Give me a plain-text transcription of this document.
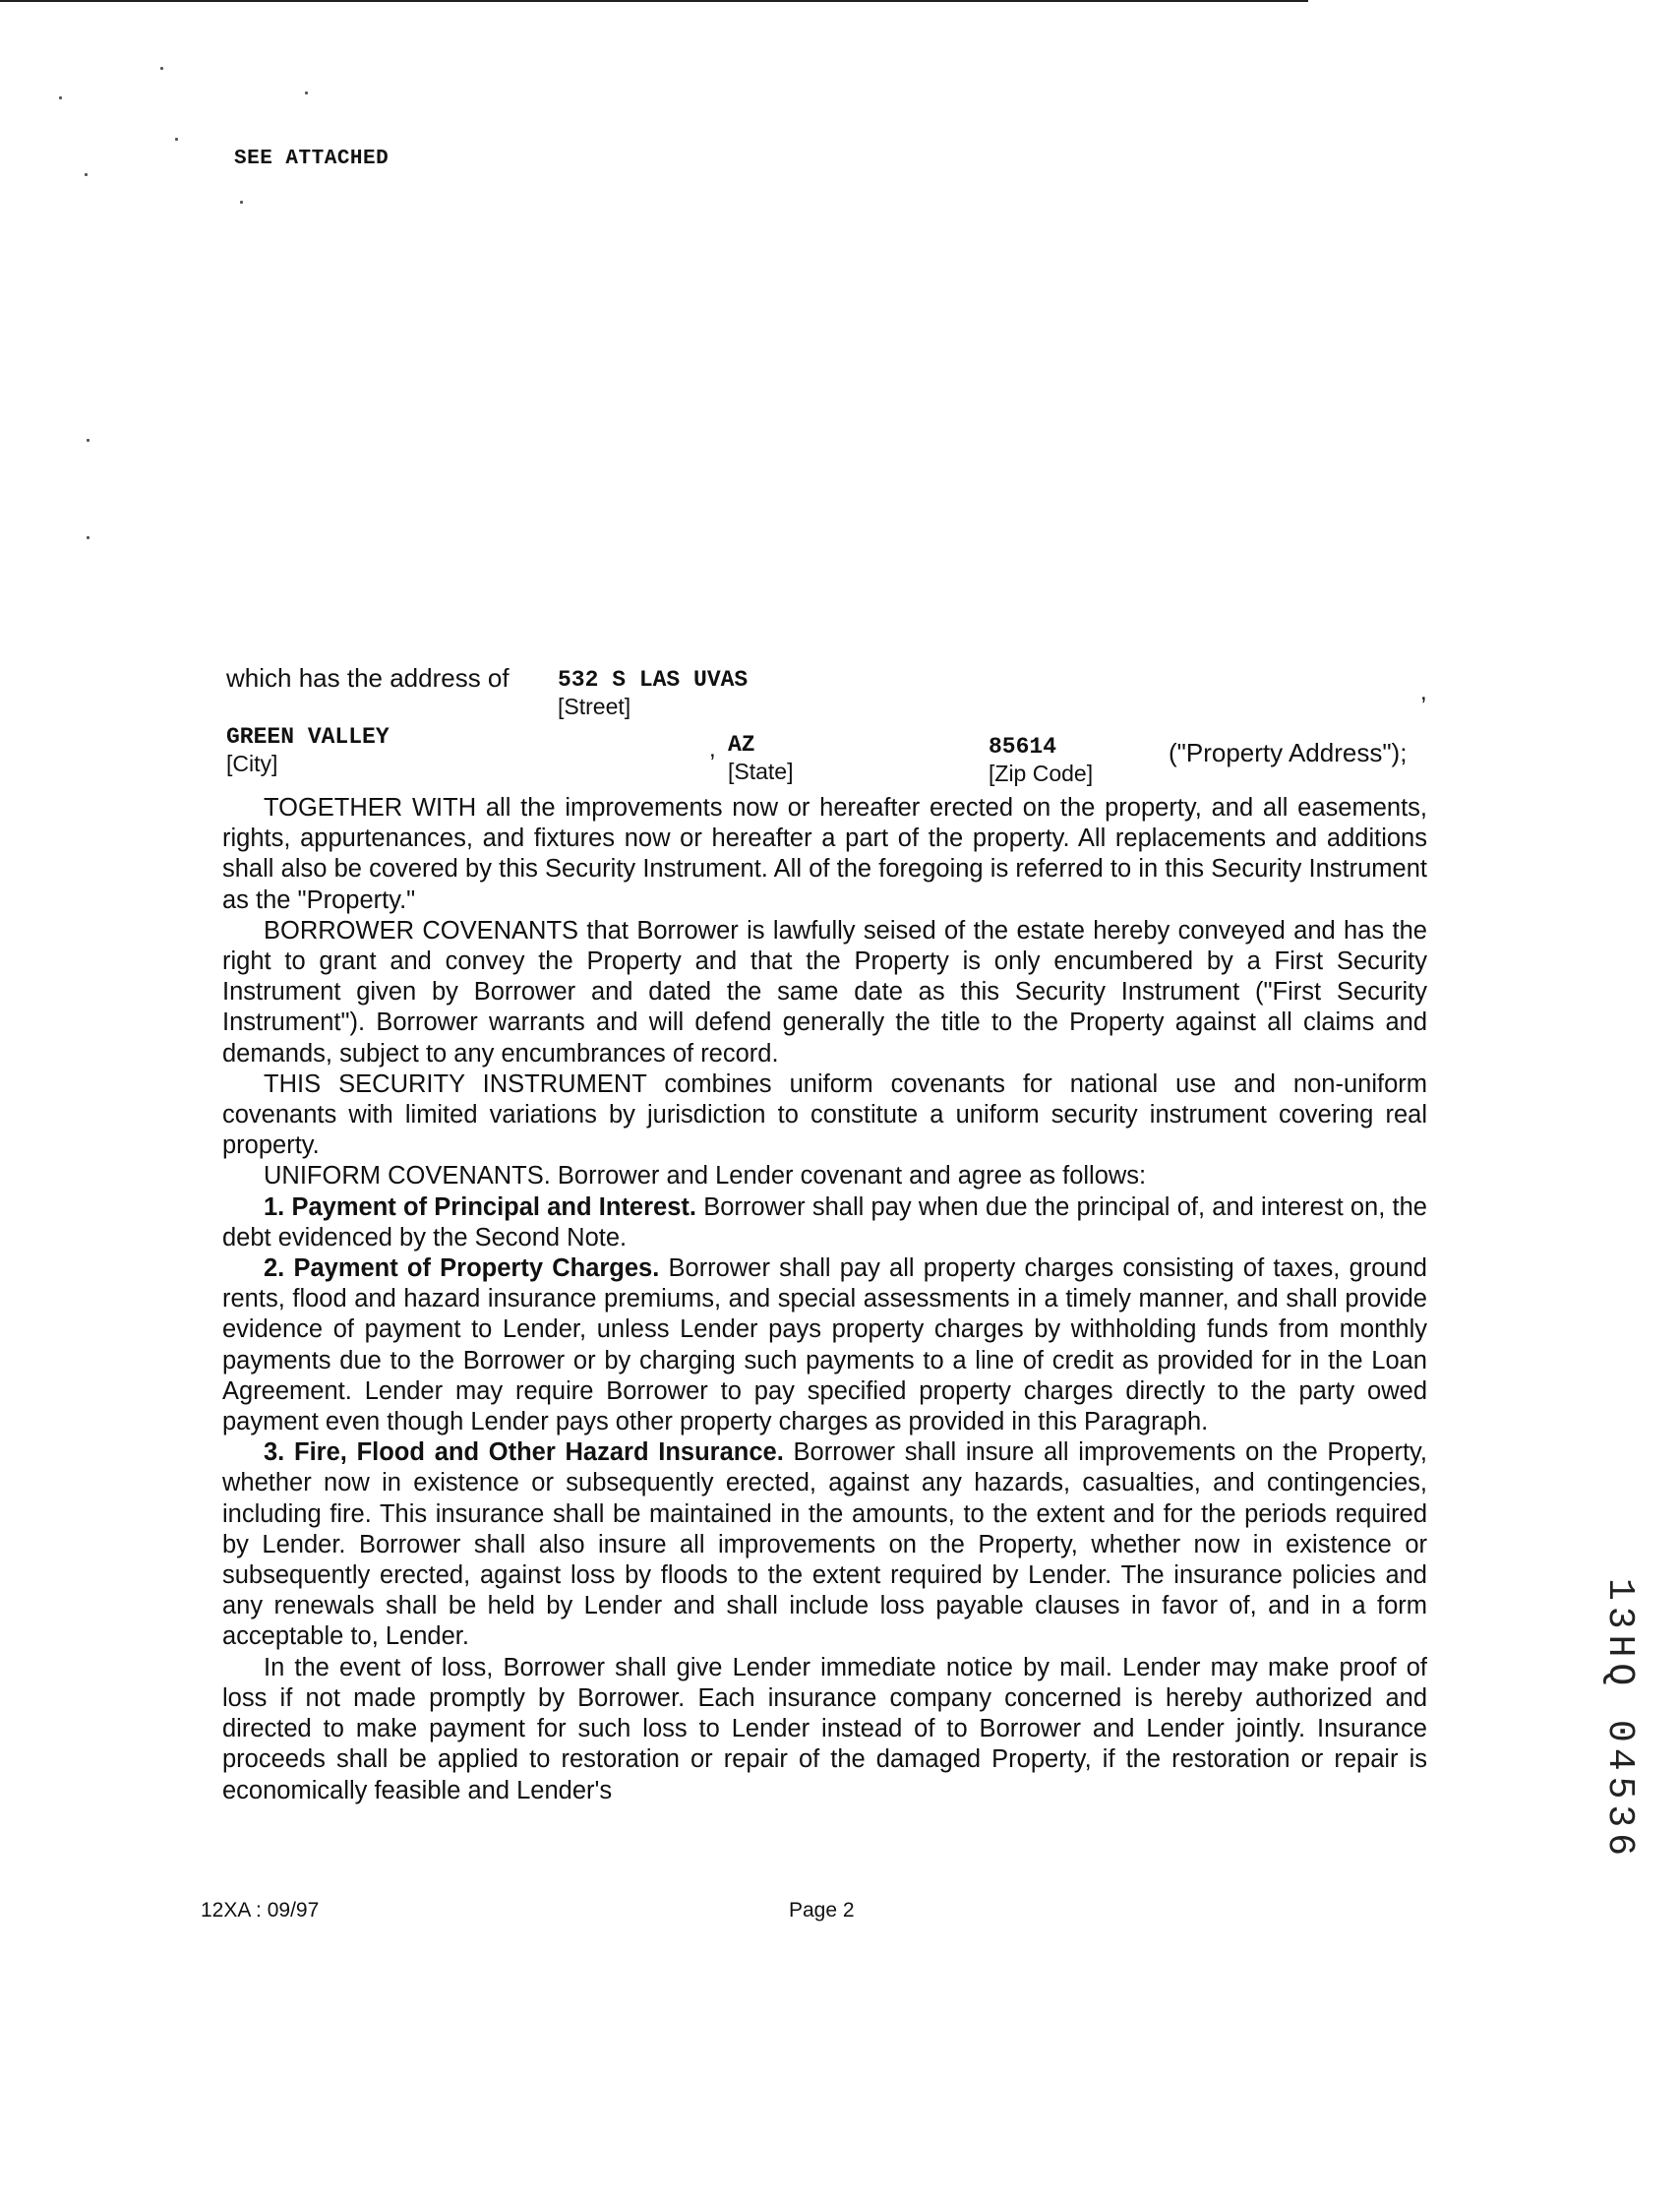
SEE ATTACHED
which has the address of 532 S LAS UVAS
[Street]
,
GREEN VALLEY
[City]
, AZ
[State]
85614
[Zip Code]
("Property Address");

TOGETHER WITH all the improvements now or hereafter erected on the property, and all easements, rights, appurtenances, and fixtures now or hereafter a part of the property. All replacements and additions shall also be covered by this Security Instrument. All of the foregoing is referred to in this Security Instrument as the "Property."

BORROWER COVENANTS that Borrower is lawfully seised of the estate hereby conveyed and has the right to grant and convey the Property and that the Property is only encumbered by a First Security Instrument given by Borrower and dated the same date as this Security Instrument ("First Security Instrument"). Borrower warrants and will defend generally the title to the Property against all claims and demands, subject to any encumbrances of record.

THIS SECURITY INSTRUMENT combines uniform covenants for national use and non-uniform covenants with limited variations by jurisdiction to constitute a uniform security instrument covering real property.

UNIFORM COVENANTS. Borrower and Lender covenant and agree as follows:

1. Payment of Principal and Interest. Borrower shall pay when due the principal of, and interest on, the debt evidenced by the Second Note.

2. Payment of Property Charges. Borrower shall pay all property charges consisting of taxes, ground rents, flood and hazard insurance premiums, and special assessments in a timely manner, and shall provide evidence of payment to Lender, unless Lender pays property charges by withholding funds from monthly payments due to the Borrower or by charging such payments to a line of credit as provided for in the Loan Agreement. Lender may require Borrower to pay specified property charges directly to the party owed payment even though Lender pays other property charges as provided in this Paragraph.

3. Fire, Flood and Other Hazard Insurance. Borrower shall insure all improvements on the Property, whether now in existence or subsequently erected, against any hazards, casualties, and contingencies, including fire. This insurance shall be maintained in the amounts, to the extent and for the periods required by Lender. Borrower shall also insure all improvements on the Property, whether now in existence or subsequently erected, against loss by floods to the extent required by Lender. The insurance policies and any renewals shall be held by Lender and shall include loss payable clauses in favor of, and in a form acceptable to, Lender.

In the event of loss, Borrower shall give Lender immediate notice by mail. Lender may make proof of loss if not made promptly by Borrower. Each insurance company concerned is hereby authorized and directed to make payment for such loss to Lender instead of to Borrower and Lender jointly. Insurance proceeds shall be applied to restoration or repair of the damaged Property, if the restoration or repair is economically feasible and Lender's

12XA : 09/97	Page 2
13HQ 04536
